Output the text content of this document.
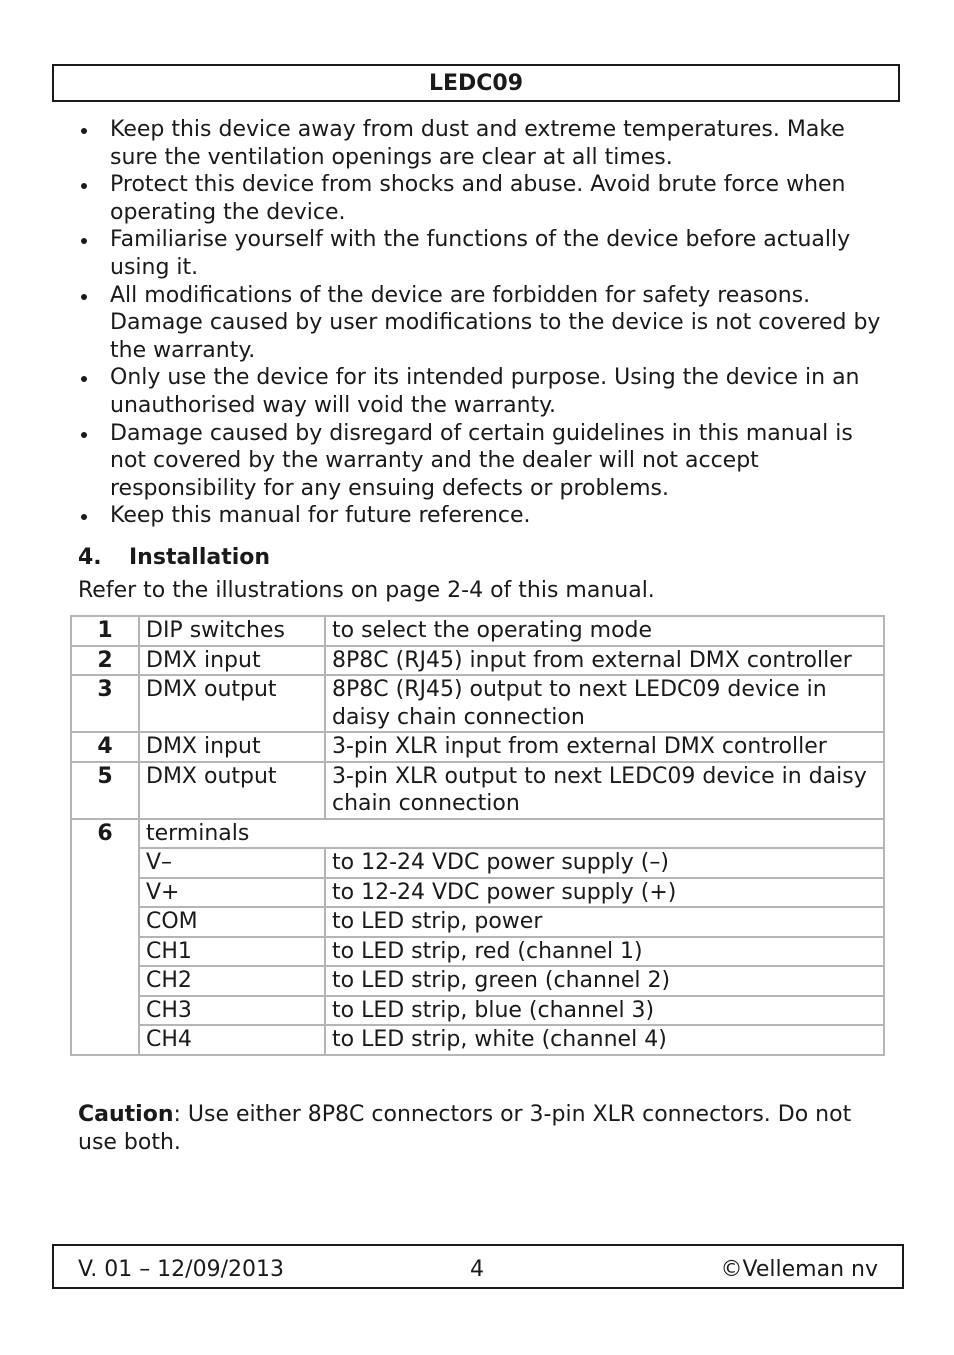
LEDC09
Keep this device away from dust and extreme temperatures. Make sure the ventilation openings are clear at all times.
Protect this device from shocks and abuse. Avoid brute force when operating the device.
Familiarise yourself with the functions of the device before actually using it.
All modifications of the device are forbidden for safety reasons. Damage caused by user modifications to the device is not covered by the warranty.
Only use the device for its intended purpose. Using the device in an unauthorised way will void the warranty.
Damage caused by disregard of certain guidelines in this manual is not covered by the warranty and the dealer will not accept responsibility for any ensuing defects or problems.
Keep this manual for future reference.
4. Installation
Refer to the illustrations on page 2-4 of this manual.
1	DIP switches	to select the operating mode
2	DMX input	8P8C (RJ45) input from external DMX controller
3	DMX output	8P8C (RJ45) output to next LEDC09 device in daisy chain connection
4	DMX input	3-pin XLR input from external DMX controller
5	DMX output	3-pin XLR output to next LEDC09 device in daisy chain connection
6	terminals	
	V–	to 12-24 VDC power supply (–)
	V+	to 12-24 VDC power supply (+)
	COM	to LED strip, power
	CH1	to LED strip, red (channel 1)
	CH2	to LED strip, green (channel 2)
	CH3	to LED strip, blue (channel 3)
	CH4	to LED strip, white (channel 4)
Caution: Use either 8P8C connectors or 3-pin XLR connectors. Do not use both.
V. 01 – 12/09/2013	4	©Velleman nv
